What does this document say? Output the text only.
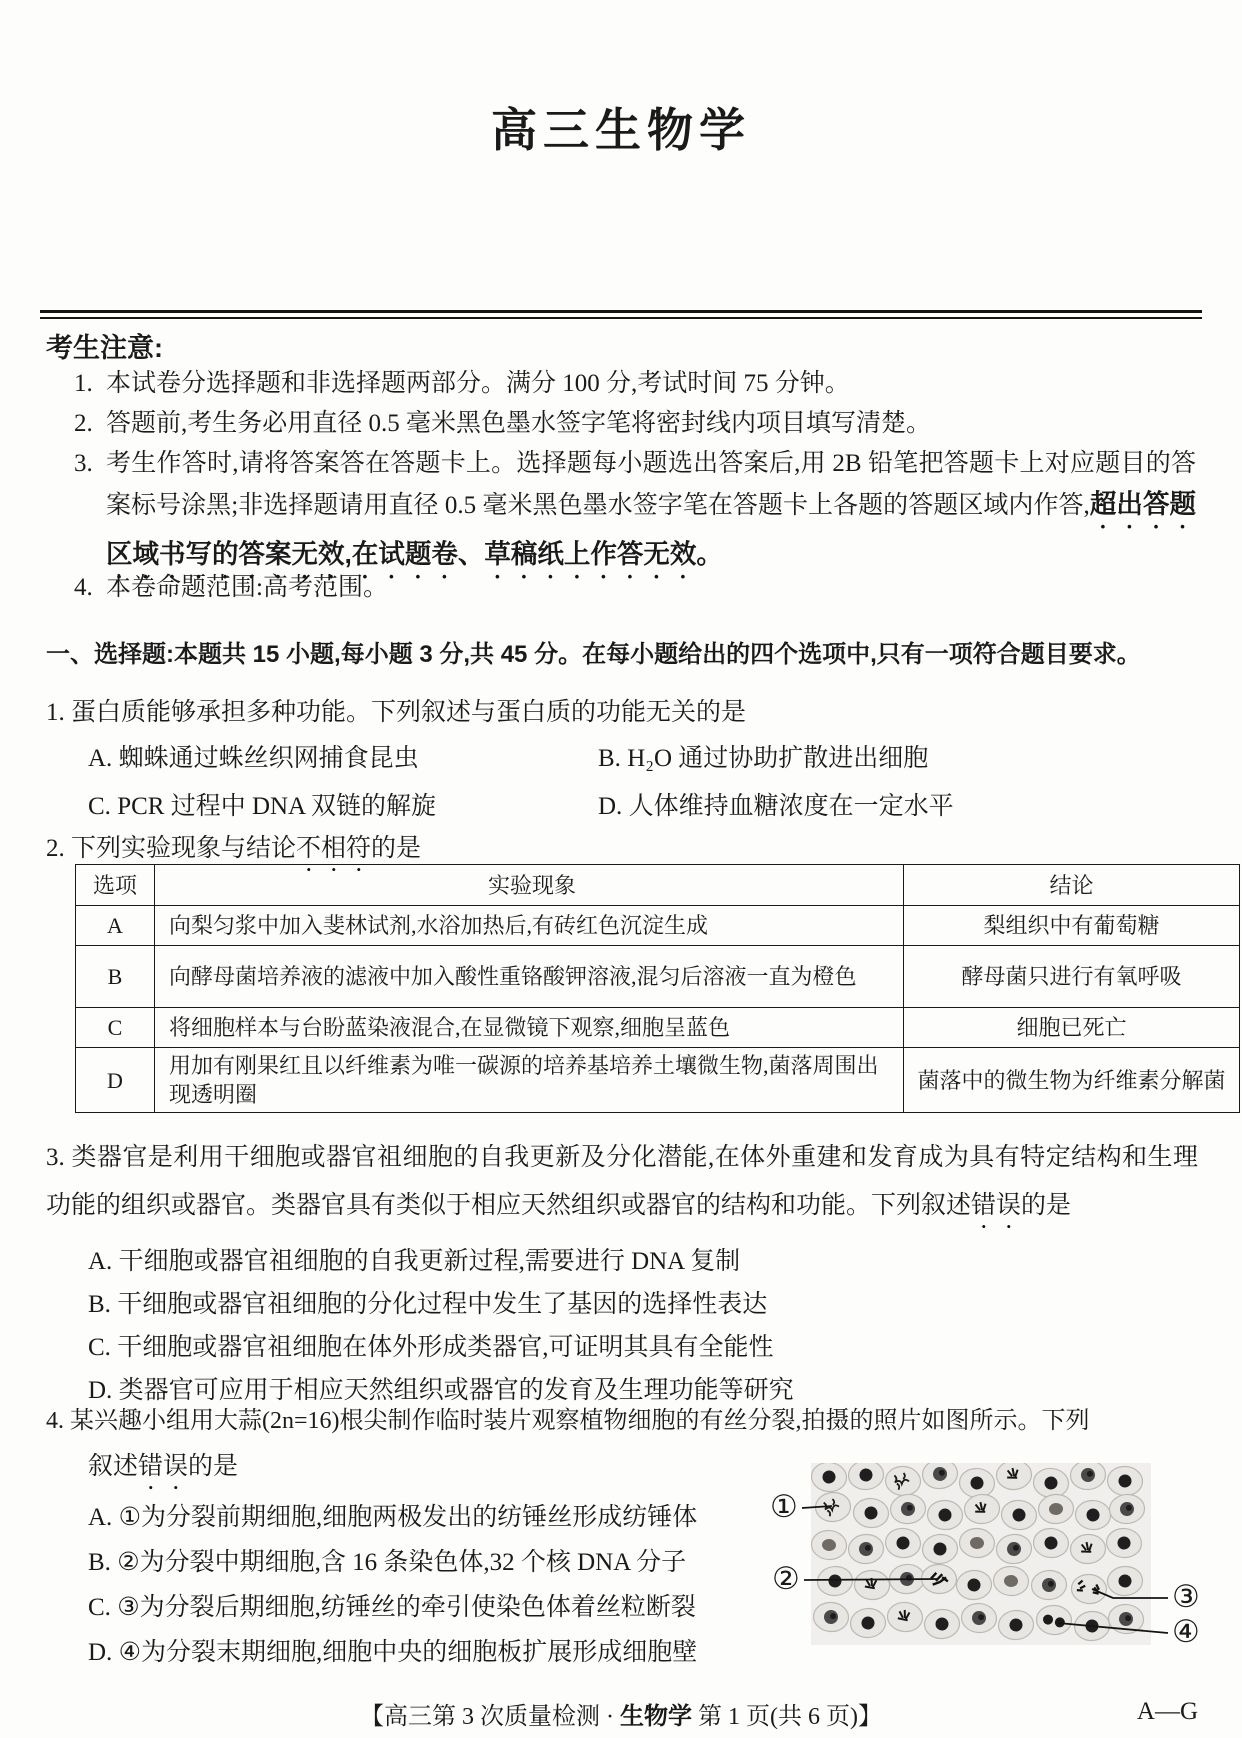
高三生物学
考生注意:
1. 本试卷分选择题和非选择题两部分。满分 100 分,考试时间 75 分钟。
2. 答题前,考生务必用直径 0.5 毫米黑色墨水签字笔将密封线内项目填写清楚。
3. 考生作答时,请将答案答在答题卡上。选择题每小题选出答案后,用 2B 铅笔把答题卡上对应题目的答案标号涂黑;非选择题请用直径 0.5 毫米黑色墨水签字笔在答题卡上各题的答题区域内作答,超出答题区域书写的答案无效,在试题卷、草稿纸上作答无效。
4. 本卷命题范围:高考范围。
一、选择题:本题共 15 小题,每小题 3 分,共 45 分。在每小题给出的四个选项中,只有一项符合题目要求。
1. 蛋白质能够承担多种功能。下列叙述与蛋白质的功能无关的是
A. 蜘蛛通过蛛丝织网捕食昆虫	B. H₂O 通过协助扩散进出细胞
C. PCR 过程中 DNA 双链的解旋	D. 人体维持血糖浓度在一定水平
2. 下列实验现象与结论不相符的是
选项	实验现象	结论
A	向梨匀浆中加入斐林试剂,水浴加热后,有砖红色沉淀生成	梨组织中有葡萄糖
B	向酵母菌培养液的滤液中加入酸性重铬酸钾溶液,混匀后溶液一直为橙色	酵母菌只进行有氧呼吸
C	将细胞样本与台盼蓝染液混合,在显微镜下观察,细胞呈蓝色	细胞已死亡
D	用加有刚果红且以纤维素为唯一碳源的培养基培养土壤微生物,菌落周围出现透明圈	菌落中的微生物为纤维素分解菌

3. 类器官是利用干细胞或器官祖细胞的自我更新及分化潜能,在体外重建和发育成为具有特定结构和生理功能的组织或器官。类器官具有类似于相应天然组织或器官的结构和功能。下列叙述错误的是

A. 干细胞或器官祖细胞的自我更新过程,需要进行 DNA 复制
B. 干细胞或器官祖细胞的分化过程中发生了基因的选择性表达
C. 干细胞或器官祖细胞在体外形成类器官,可证明其具有全能性
D. 类器官可应用于相应天然组织或器官的发育及生理功能等研究
4. 某兴趣小组用大蒜(2n=16)根尖制作临时装片观察植物细胞的有丝分裂,拍摄的照片如图所示。下列
叙述错误的是
A. ①为分裂前期细胞,细胞两极发出的纺锤丝形成纺锤体
B. ②为分裂中期细胞,含 16 条染色体,32 个核 DNA 分子
C. ③为分裂后期细胞,纺锤丝的牵引使染色体着丝粒断裂
D. ④为分裂末期细胞,细胞中央的细胞板扩展形成细胞壁
①
②	③
④
【高三第 3 次质量检测 · 生物学 第 1 页(共 6 页)】	A—G
